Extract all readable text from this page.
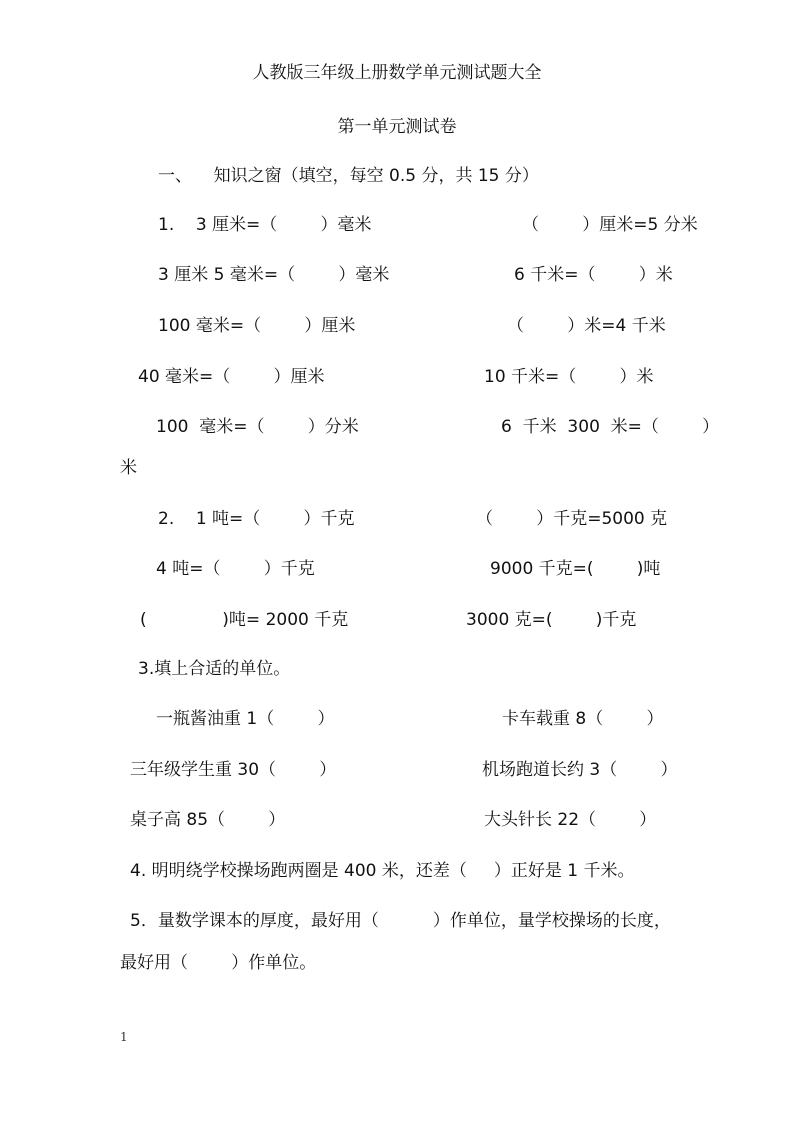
人教版三年级上册数学单元测试题大全
第一单元测试卷
一、    知识之窗（填空，每空 0.5 分，共 15 分）
1.    3 厘米=（        ）毫米	（        ）厘米=5 分米
3 厘米 5 毫米=（        ）毫米	6 千米=（        ）米
100 毫米=（        ）厘米	（        ）米=4 千米
40 毫米=（        ）厘米	10 千米=（        ）米
100  毫米=（        ）分米	6  千米  300  米=（        ）
米
2.    1 吨=（        ）千克	（        ）千克=5000 克
4 吨=（        ）千克	9000 千克=(        )吨
(              )吨= 2000 千克	3000 克=(        )千克
3.填上合适的单位。
一瓶酱油重 1（        ）	卡车载重 8（        ）
三年级学生重 30（        ）	机场跑道长约 3（        ）
桌子高 85（        ）	大头针长 22（        ）
4. 明明绕学校操场跑两圈是 400 米，还差（     ）正好是 1 千米。
5．量数学课本的厚度，最好用（          ）作单位，量学校操场的长度，
最好用（        ）作单位。
1
